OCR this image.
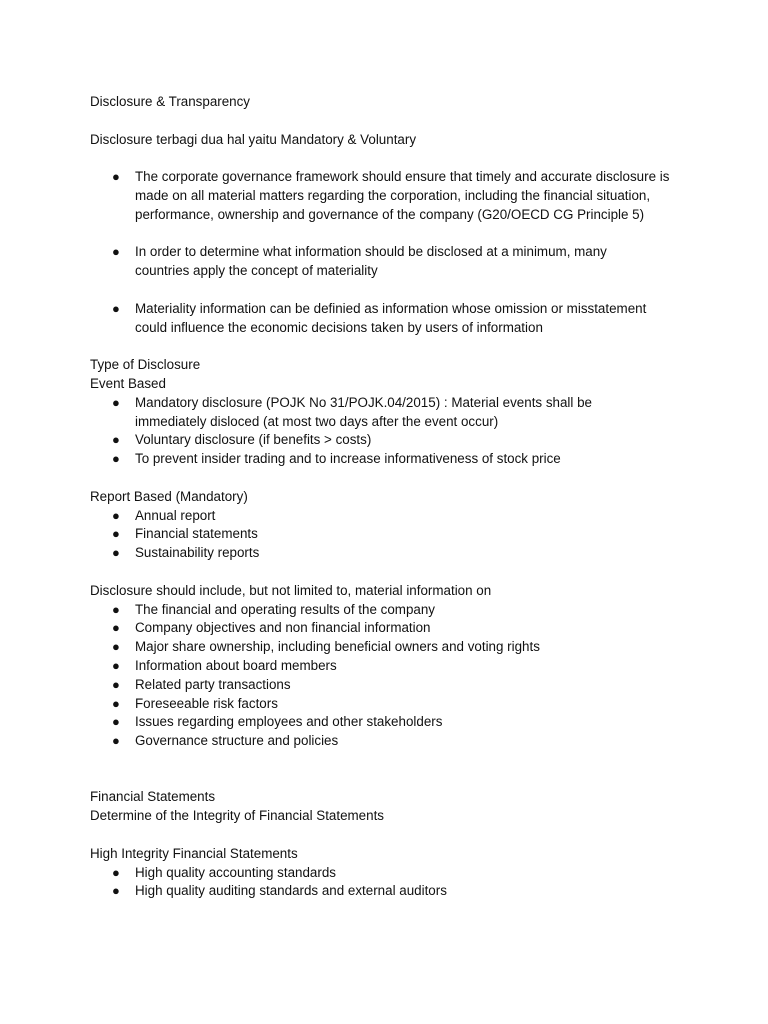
Disclosure & Transparency

Disclosure terbagi dua hal yaitu Mandatory & Voluntary

● The corporate governance framework should ensure that timely and accurate disclosure is made on all material matters regarding the corporation, including the financial situation, performance, ownership and governance of the company (G20/OECD CG Principle 5)
● In order to determine what information should be disclosed at a minimum, many countries apply the concept of materiality
● Materiality information can be definied as information whose omission or misstatement could influence the economic decisions taken by users of information

Type of Disclosure

Event Based

● Mandatory disclosure (POJK No 31/POJK.04/2015) : Material events shall be immediately disloced (at most two days after the event occur)
● Voluntary disclosure (if benefits > costs)
● To prevent insider trading and to increase informativeness of stock price

Report Based (Mandatory)

● Annual report
● Financial statements
● Sustainability reports

Disclosure should include, but not limited to, material information on

● The financial and operating results of the company
● Company objectives and non financial information
● Major share ownership, including beneficial owners and voting rights
● Information about board members
● Related party transactions
● Foreseeable risk factors
● Issues regarding employees and other stakeholders
● Governance structure and policies

Financial Statements

Determine of the Integrity of Financial Statements

High Integrity Financial Statements

● High quality accounting standards
● High quality auditing standards and external auditors
